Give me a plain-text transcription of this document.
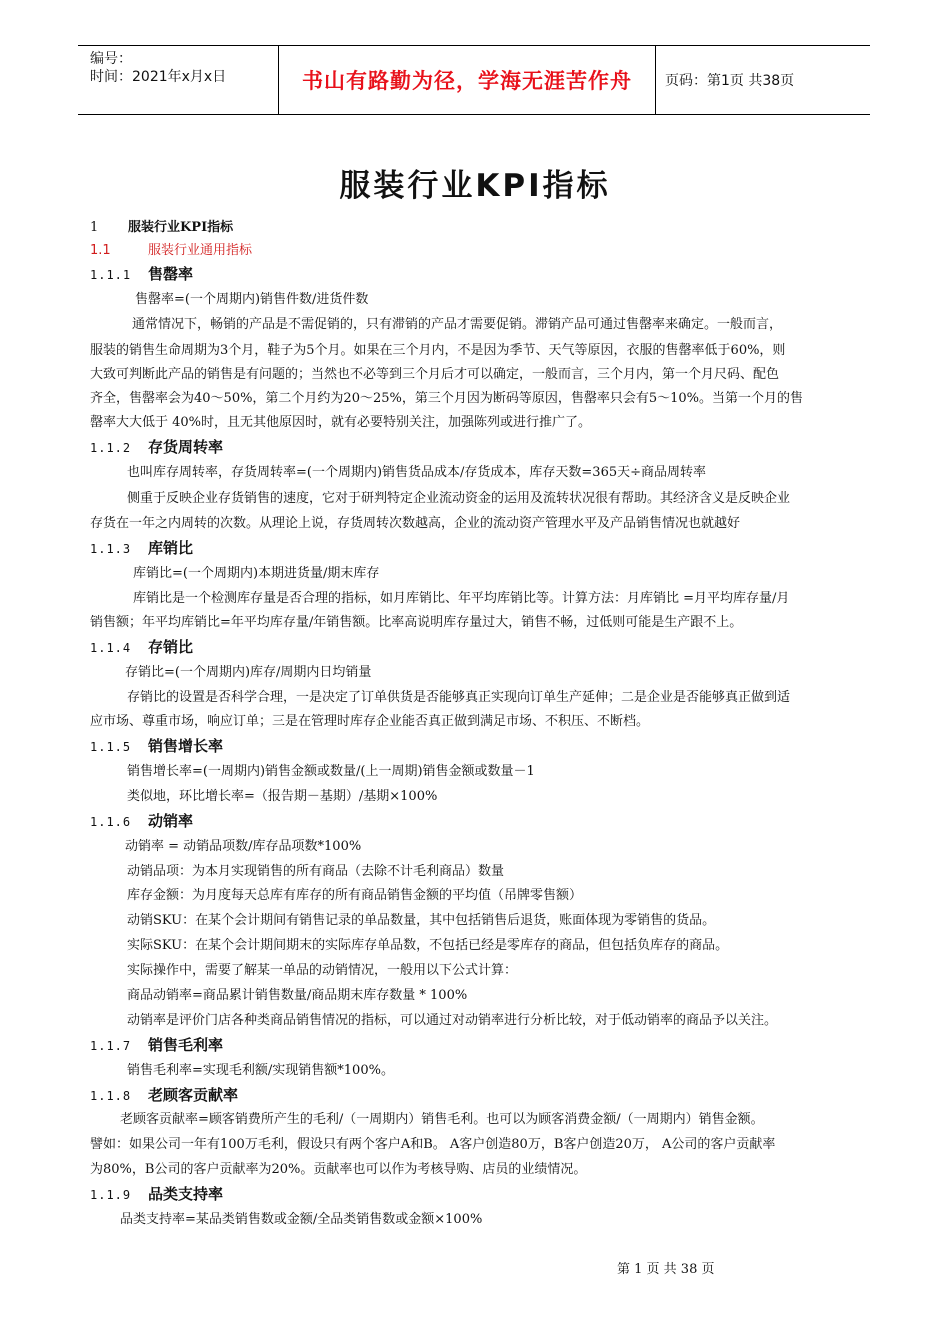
编号：
时间：2021年x月x日	书山有路勤为径，学海无涯苦作舟	页码：第1页 共38页
服装行业KPI指标
1 服装行业KPI指标
1.1	服装行业通用指标
1.1.1 售罄率
售罄率=(一个周期内)销售件数/进货件数
通常情况下，畅销的产品是不需促销的，只有滞销的产品才需要促销。滞销产品可通过售罄率来确定。一般而言，
服装的销售生命周期为3个月，鞋子为5个月。如果在三个月内，不是因为季节、天气等原因，衣服的售罄率低于60%，则
大致可判断此产品的销售是有问题的；当然也不必等到三个月后才可以确定，一般而言，三个月内，第一个月尺码、配色
齐全，售罄率会为40～50%，第二个月约为20～25%，第三个月因为断码等原因，售罄率只会有5～10%。当第一个月的售
罄率大大低于 40%时，且无其他原因时，就有必要特别关注，加强陈列或进行推广了。
1.1.2 存货周转率
也叫库存周转率，存货周转率=(一个周期内)销售货品成本/存货成本，库存天数=365天÷商品周转率
侧重于反映企业存货销售的速度，它对于研判特定企业流动资金的运用及流转状况很有帮助。其经济含义是反映企业
存货在一年之内周转的次数。从理论上说，存货周转次数越高，企业的流动资产管理水平及产品销售情况也就越好
1.1.3 库销比
库销比=(一个周期内)本期进货量/期末库存
库销比是一个检测库存量是否合理的指标，如月库销比、年平均库销比等。计算方法：月库销比 =月平均库存量/月
销售额；年平均库销比=年平均库存量/年销售额。比率高说明库存量过大，销售不畅，过低则可能是生产跟不上。
1.1.4 存销比
存销比=(一个周期内)库存/周期内日均销量
存销比的设置是否科学合理，一是决定了订单供货是否能够真正实现向订单生产延伸；二是企业是否能够真正做到适
应市场、尊重市场，响应订单；三是在管理时库存企业能否真正做到满足市场、不积压、不断档。
1.1.5 销售增长率
销售增长率=(一周期内)销售金额或数量/(上一周期)销售金额或数量－1
类似地，环比增长率=（报告期－基期）/基期×100%
1.1.6 动销率
动销率 = 动销品项数/库存品项数*100%
动销品项：为本月实现销售的所有商品（去除不计毛利商品）数量
库存金额：为月度每天总库有库存的所有商品销售金额的平均值（吊牌零售额）
动销SKU：在某个会计期间有销售记录的单品数量，其中包括销售后退货，账面体现为零销售的货品。
实际SKU：在某个会计期间期末的实际库存单品数，不包括已经是零库存的商品，但包括负库存的商品。
实际操作中，需要了解某一单品的动销情况，一般用以下公式计算：
商品动销率=商品累计销售数量/商品期末库存数量 * 100%
动销率是评价门店各种类商品销售情况的指标，可以通过对动销率进行分析比较，对于低动销率的商品予以关注。
1.1.7 销售毛利率
销售毛利率=实现毛利额/实现销售额*100%。
1.1.8 老顾客贡献率
老顾客贡献率=顾客销费所产生的毛利/（一周期内）销售毛利。也可以为顾客消费金额/（一周期内）销售金额。
譬如：如果公司一年有100万毛利，假设只有两个客户A和B。 A客户创造80万，B客户创造20万， A公司的客户贡献率
为80%，B公司的客户贡献率为20%。贡献率也可以作为考核导购、店员的业绩情况。
1.1.9 品类支持率
品类支持率=某品类销售数或金额/全品类销售数或金额×100%
第 1 页 共 38 页
